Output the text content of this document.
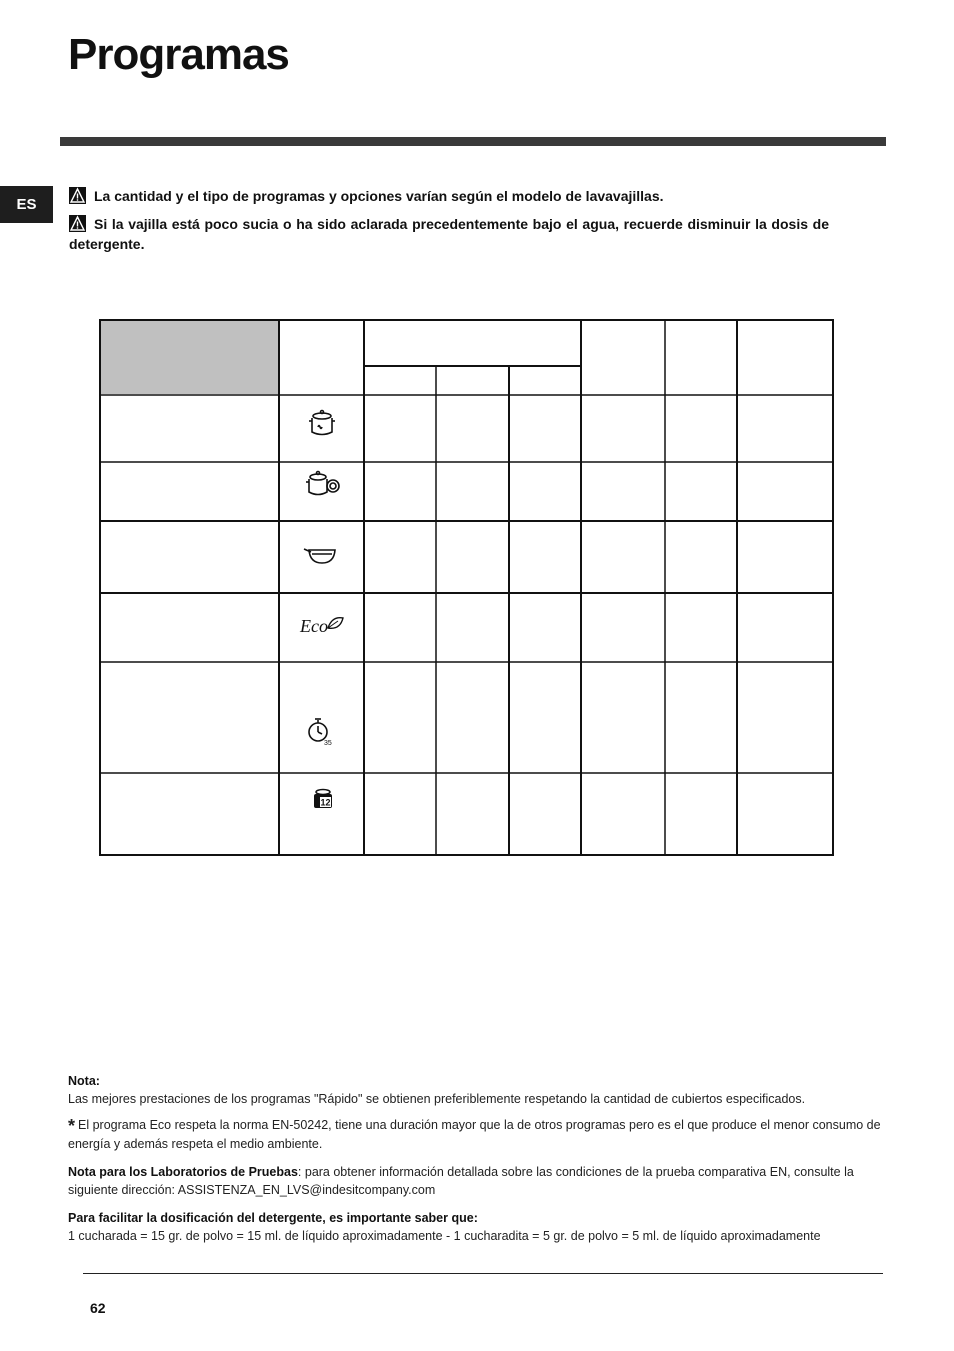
Programas
ES	La cantidad y el tipo de programas y opciones varían según el modelo de lavavajillas.
Si la vajilla está poco sucia o ha sido aclarada precedentemente bajo el agua, recuerde disminuir la dosis de detergente.
Eco
35
12

Nota:
Las mejores prestaciones de los programas "Rápido" se obtienen preferiblemente respetando la cantidad de cubiertos especificados.

* El programa Eco respeta la norma EN-50242, tiene una duración mayor que la de otros programas pero es el que produce el menor consumo de energía y además respeta el medio ambiente.

Nota para los Laboratorios de Pruebas: para obtener información detallada sobre las condiciones de la prueba comparativa EN, consulte la siguiente dirección: ASSISTENZA_EN_LVS@indesitcompany.com

Para facilitar la dosificación del detergente, es importante saber que:
1 cucharada = 15 gr. de polvo = 15 ml. de líquido aproximadamente - 1 cucharadita = 5 gr. de polvo = 5 ml. de líquido aproximadamente

62
